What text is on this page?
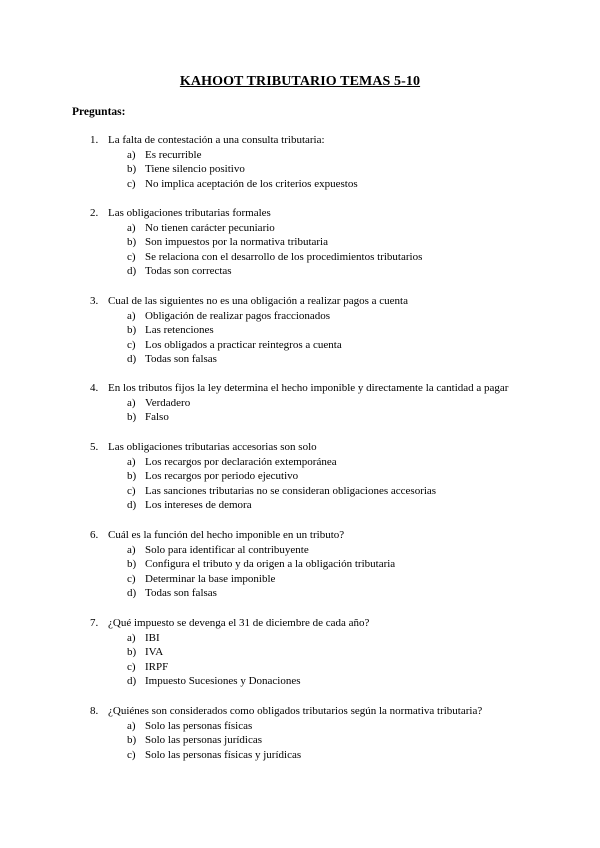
KAHOOT TRIBUTARIO TEMAS 5-10
Preguntas:
1. La falta de contestación a una consulta tributaria:
a) Es recurrible
b) Tiene silencio positivo
c) No implica aceptación de los criterios expuestos
2. Las obligaciones tributarias formales
a) No tienen carácter pecuniario
b) Son impuestos por la normativa tributaria
c) Se relaciona con el desarrollo de los procedimientos tributarios
d) Todas son correctas
3. Cual de las siguientes no es una obligación a realizar pagos a cuenta
a) Obligación de realizar pagos fraccionados
b) Las retenciones
c) Los obligados a practicar reintegros a cuenta
d) Todas son falsas
4. En los tributos fijos la ley determina el hecho imponible y directamente la cantidad a pagar
a) Verdadero
b) Falso
5. Las obligaciones tributarias accesorias son solo
a) Los recargos por declaración extemporánea
b) Los recargos por periodo ejecutivo
c) Las sanciones tributarias no se consideran obligaciones accesorias
d) Los intereses de demora
6. Cuál es la función del hecho imponible en un tributo?
a) Solo para identificar al contribuyente
b) Configura el tributo y da origen a la obligación tributaria
c) Determinar la base imponible
d) Todas son falsas
7. ¿Qué impuesto se devenga el 31 de diciembre de cada año?
a) IBI
b) IVA
c) IRPF
d) Impuesto Sucesiones y Donaciones
8. ¿Quiénes son considerados como obligados tributarios según la normativa tributaria?
a) Solo las personas físicas
b) Solo las personas jurídicas
c) Solo las personas físicas y jurídicas
